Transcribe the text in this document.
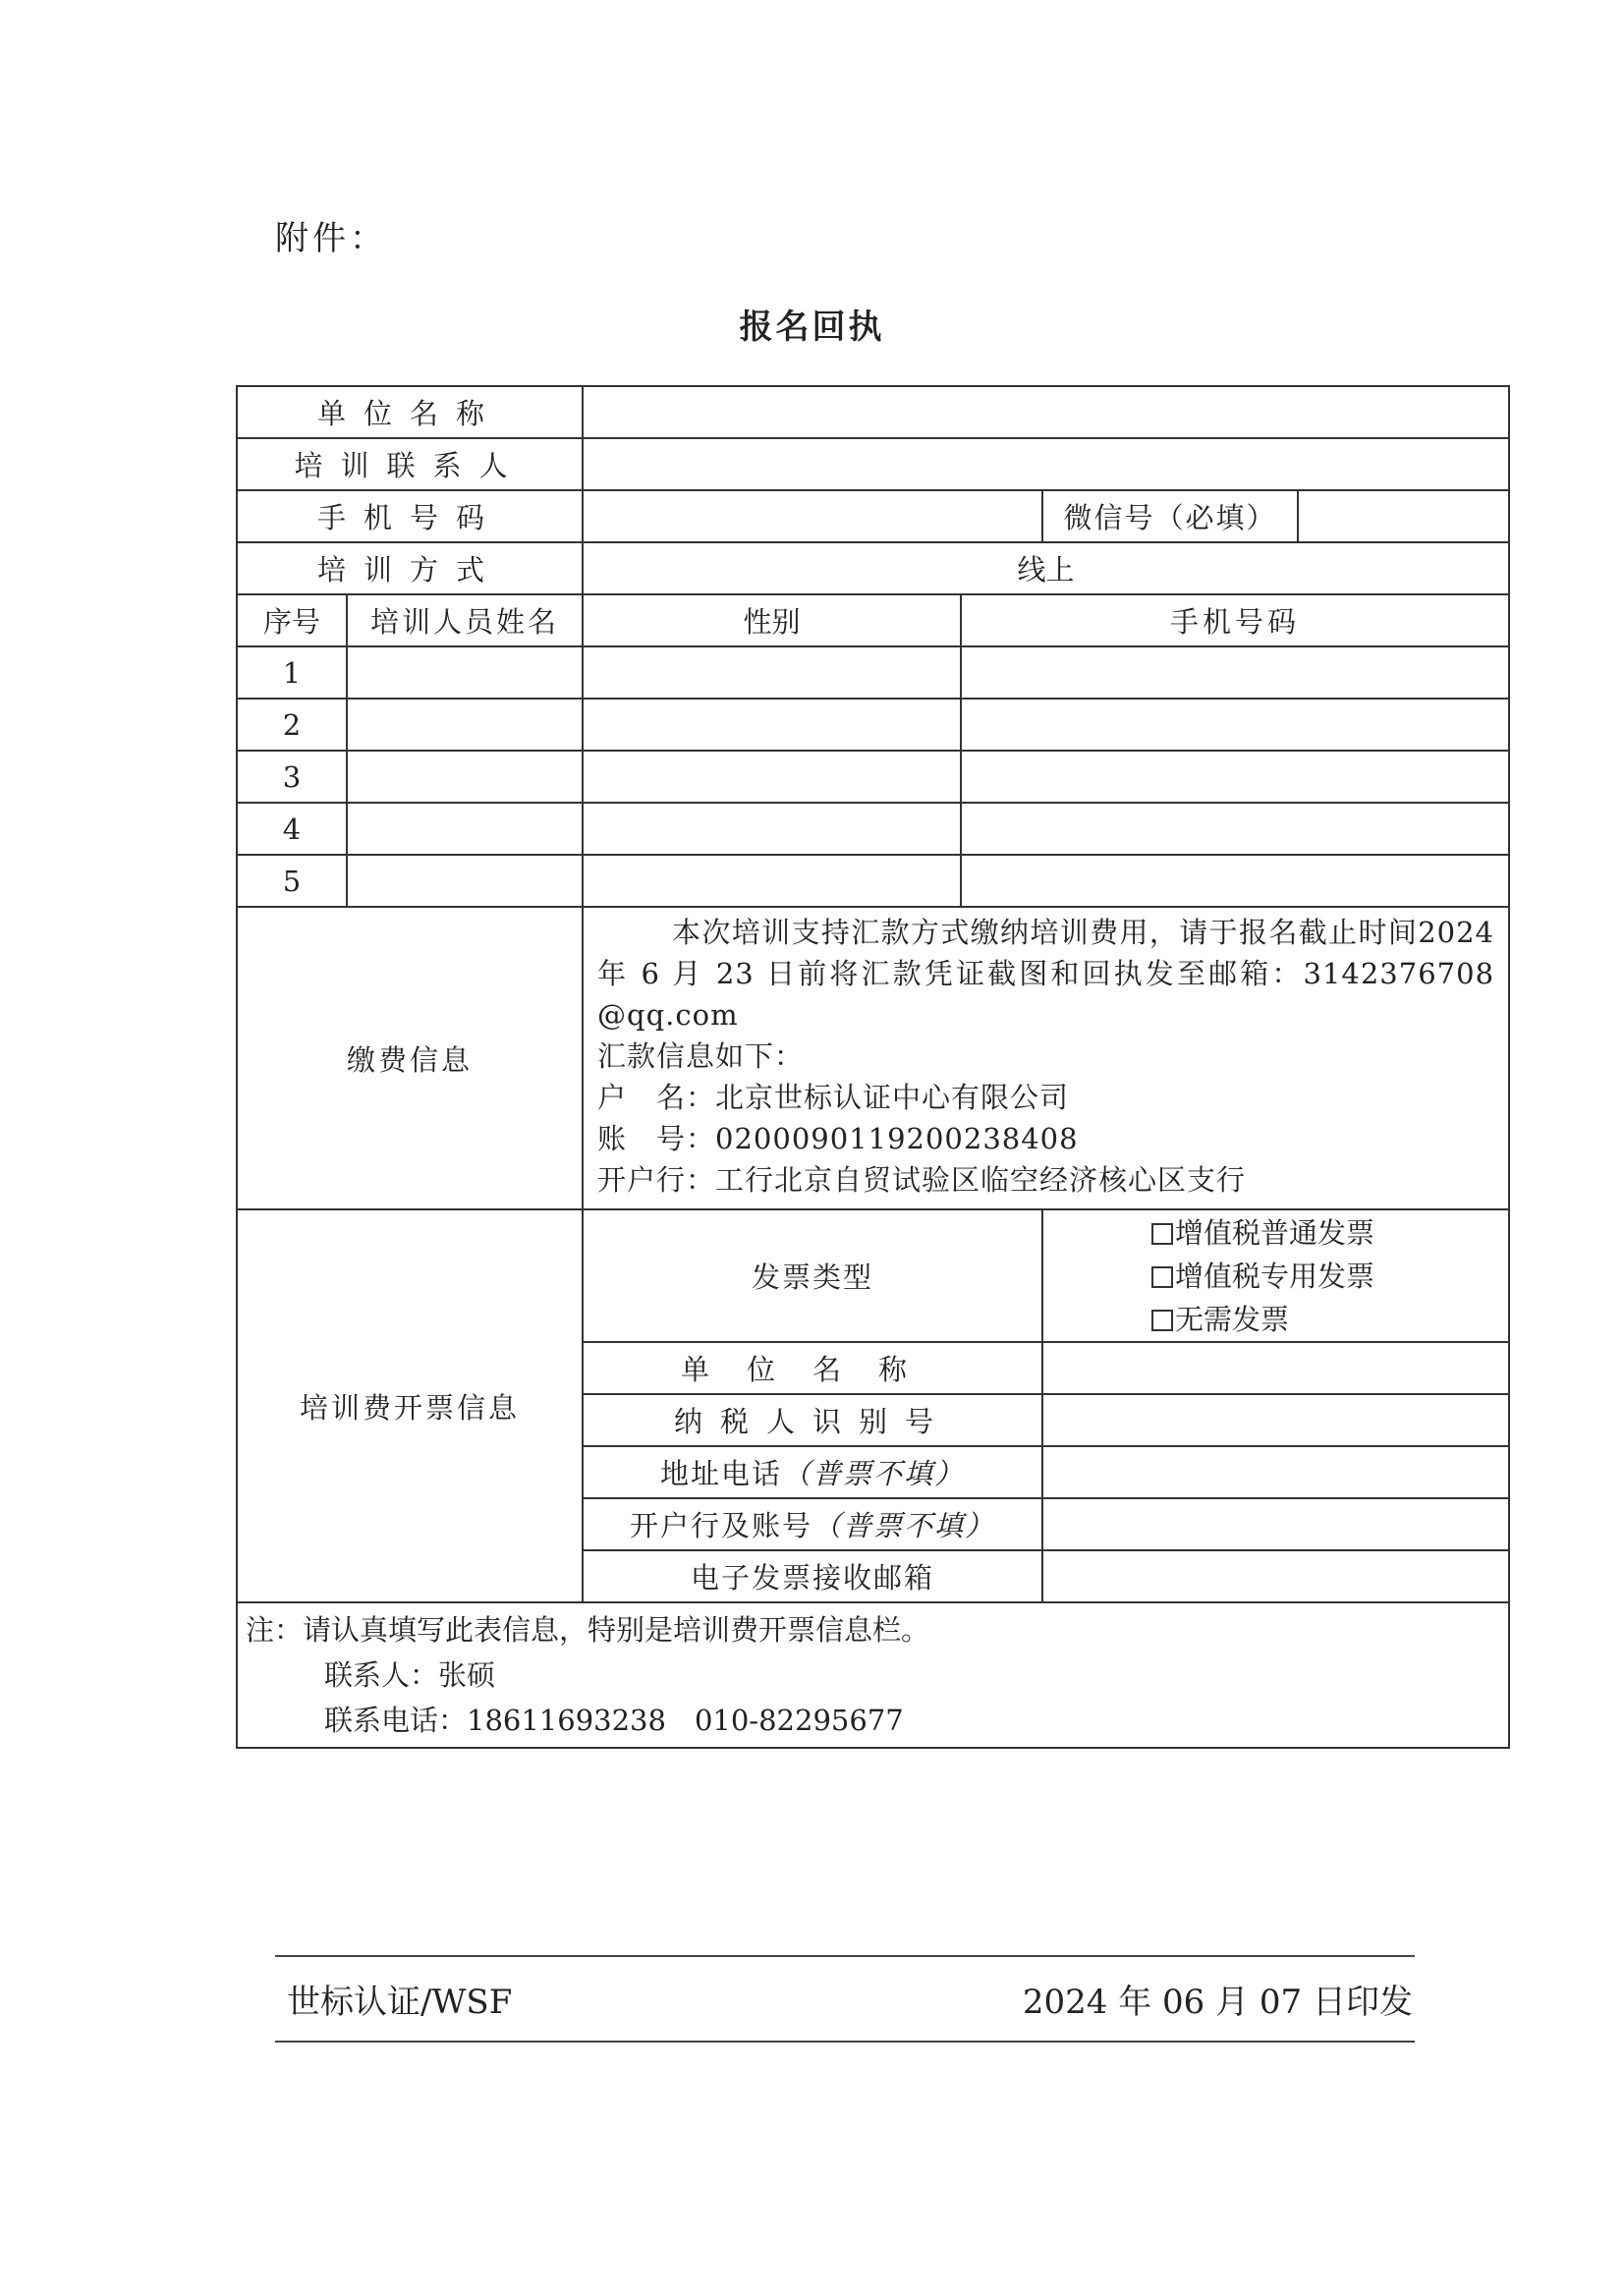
附件：
报名回执
单位名称					
培训联系人					
手机号码				微信号（必填）	
培训方式		线上			
序号	培训人员姓名	性别	手机号码		
1					
2					
3					
4					
5					
缴费信息		本次培训支持汇款方式缴纳培训费用，请于报名截止时间2024 年 6 月 23 日前将汇款凭证截图和回执发至邮箱：3142376708 @qq.com
汇款信息如下：
户　名：北京世标认证中心有限公司
账　号：0200090119200238408
开户行：工行北京自贸试验区临空经济核心区支行			

培训费开票信息		发票类型		增值税普通发票
增值税专用发票
无需发票	

		单位名称			
		纳税人识别号			
		地址电话（普票不填）			
		开户行及账号（普票不填）			
		电子发票接收邮箱			

注：请认真填写此表信息，特别是培训费开票信息栏。
联系人：张硕
联系电话：18611693238　010-82295677					
世标认证/WSF	2024 年 06 月 07 日印发
